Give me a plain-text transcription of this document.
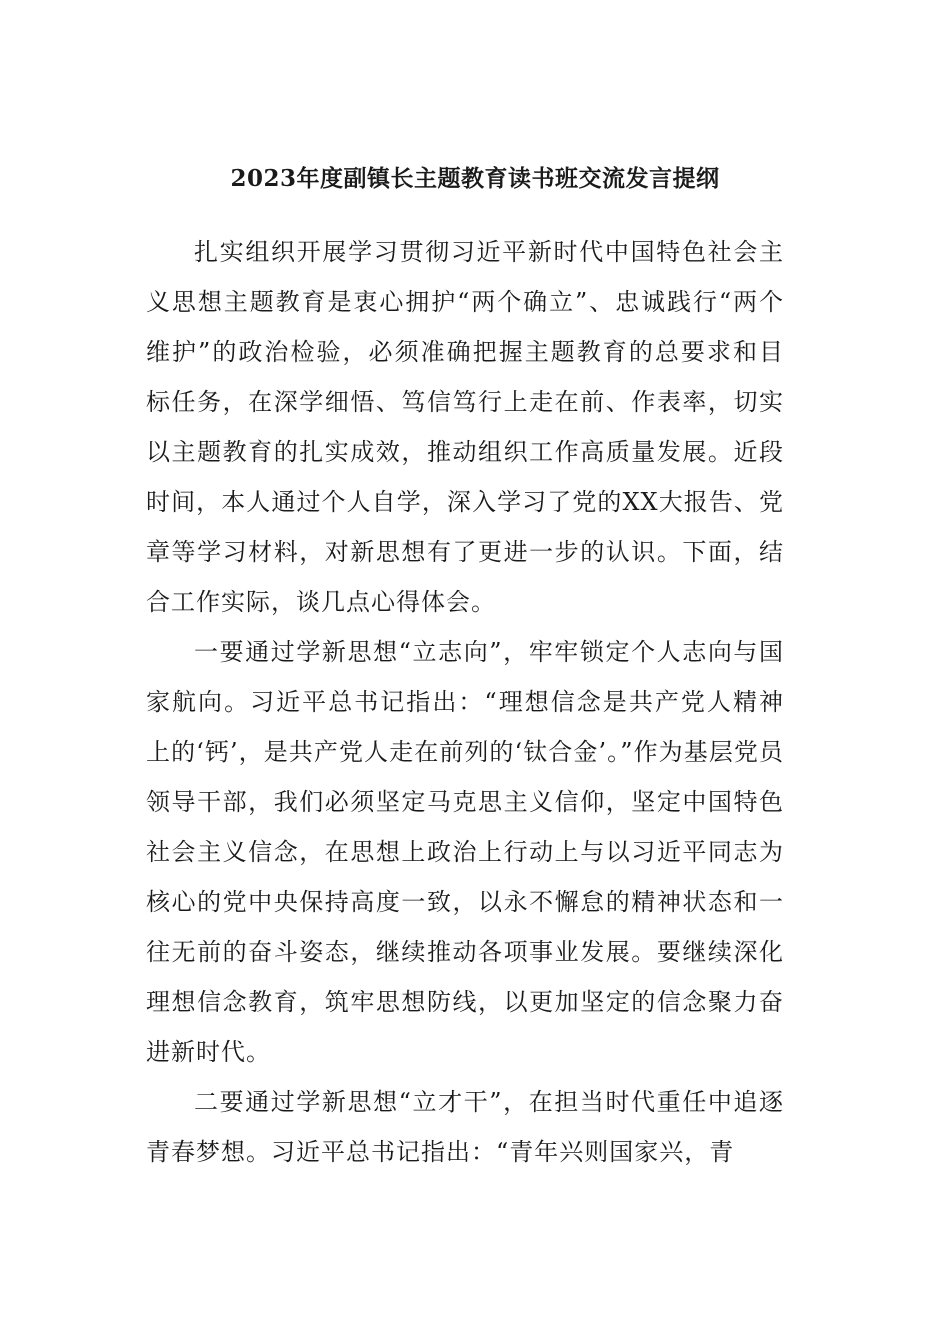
2023年度副镇长主题教育读书班交流发言提纲

扎实组织开展学习贯彻习近平新时代中国特色社会主义思想主题教育是衷心拥护“两个确立”、忠诚践行“两个维护”的政治检验，必须准确把握主题教育的总要求和目标任务，在深学细悟、笃信笃行上走在前、作表率，切实以主题教育的扎实成效，推动组织工作高质量发展。近段时间，本人通过个人自学，深入学习了党的XX大报告、党章等学习材料，对新思想有了更进一步的认识。下面，结合工作实际，谈几点心得体会。

一要通过学新思想“立志向”，牢牢锁定个人志向与国家航向。习近平总书记指出：“理想信念是共产党人精神上的‘钙’，是共产党人走在前列的‘钛合金’。”作为基层党员领导干部，我们必须坚定马克思主义信仰，坚定中国特色社会主义信念，在思想上政治上行动上与以习近平同志为核心的党中央保持高度一致，以永不懈怠的精神状态和一往无前的奋斗姿态，继续推动各项事业发展。要继续深化理想信念教育，筑牢思想防线，以更加坚定的信念聚力奋进新时代。

二要通过学新思想“立才干”，在担当时代重任中追逐青春梦想。习近平总书记指出：“青年兴则国家兴，青
